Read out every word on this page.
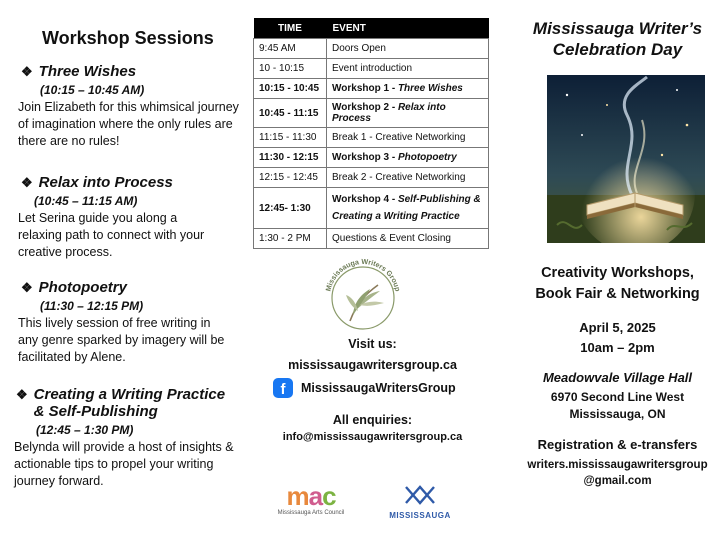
Workshop Sessions
❖ Three Wishes
(10:15 – 10:45 AM)
Join Elizabeth for this whimsical journey of imagination where the only rules are there are no rules!
❖ Relax into Process
(10:45 – 11:15 AM)
Let Serina guide you along a relaxing path to connect with your creative process.
❖ Photopoetry
(11:30 – 12:15 PM)
This lively session of free writing in any genre sparked by imagery will be facilitated by Alene.
❖ Creating a Writing Practice & Self-Publishing
(12:45 – 1:30 PM)
Belynda will provide a host of insights & actionable tips to propel your writing journey forward.
TIME	EVENT
9:45 AM	Doors Open
10 - 10:15	Event introduction
10:15 - 10:45	Workshop 1 - Three Wishes
10:45 - 11:15	Workshop 2 - Relax into Process
11:15 - 11:30	Break 1 - Creative Networking
11:30 - 12:15	Workshop 3 - Photopoetry
12:15 - 12:45	Break 2 - Creative Networking
12:45- 1:30	Workshop 4 - Self-Publishing & Creating a Writing Practice
1:30 - 2 PM	Questions & Event Closing
Mississauga Writers Group
Visit us:
mississaugawritersgroup.ca
f	MississaugaWritersGroup
All enquiries:
info@mississaugawritersgroup.ca
mac
Mississauga Arts Council	MISSISSAUGA
Mississauga Writer’s
Celebration Day
Creativity Workshops,
Book Fair & Networking
April 5, 2025
10am – 2pm
Meadowvale Village Hall
6970 Second Line West
Mississauga, ON
Registration & e-transfers
writers.mississaugawritersgroup
@gmail.com
